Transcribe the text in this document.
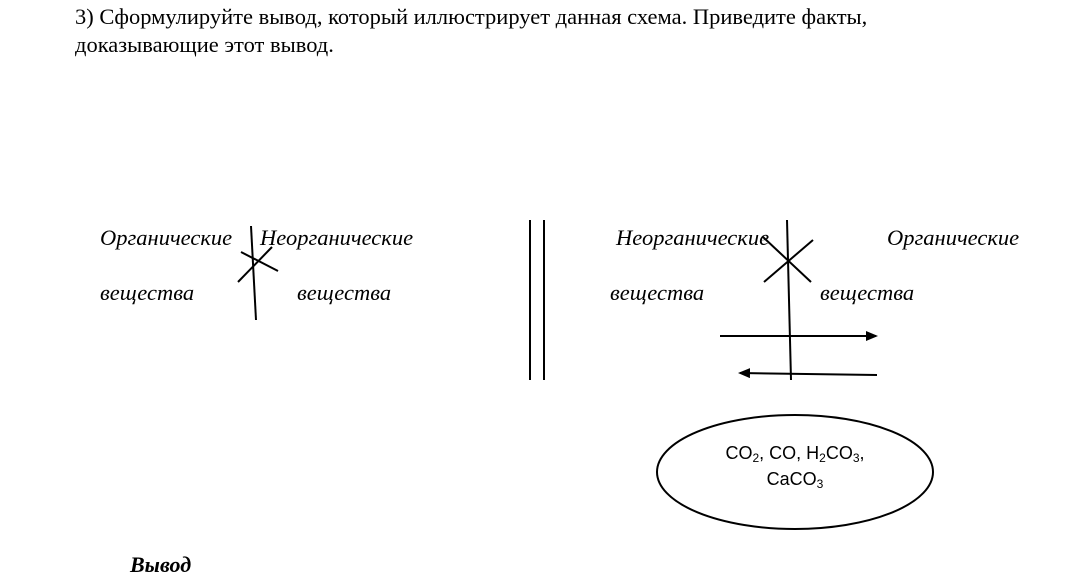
3) Сформулируйте вывод, который иллюстрирует данная схема. Приведите факты,
доказывающие этот вывод.
Органические
вещества
Неорганические
вещества
Неорганические
вещества
Органические
вещества
$CO_2$, CO, $H_2CO_3$,
CaCO$_3$
Вывод
